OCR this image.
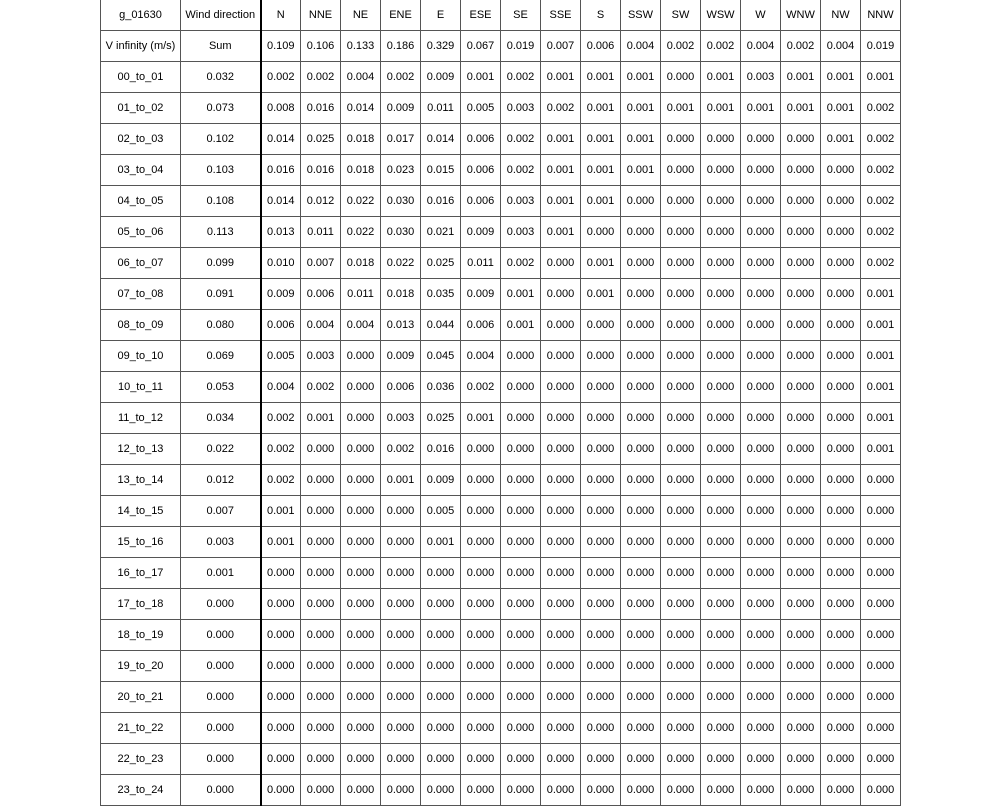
g_01630	Wind direction	N	NNE	NE	ENE	E	ESE	SE	SSE	S	SSW	SW	WSW	W	WNW	NW	NNW
V infinity (m/s)	Sum	0.109	0.106	0.133	0.186	0.329	0.067	0.019	0.007	0.006	0.004	0.002	0.002	0.004	0.002	0.004	0.019
00_to_01	0.032	0.002	0.002	0.004	0.002	0.009	0.001	0.002	0.001	0.001	0.001	0.000	0.001	0.003	0.001	0.001	0.001
01_to_02	0.073	0.008	0.016	0.014	0.009	0.011	0.005	0.003	0.002	0.001	0.001	0.001	0.001	0.001	0.001	0.001	0.002
02_to_03	0.102	0.014	0.025	0.018	0.017	0.014	0.006	0.002	0.001	0.001	0.001	0.000	0.000	0.000	0.000	0.001	0.002
03_to_04	0.103	0.016	0.016	0.018	0.023	0.015	0.006	0.002	0.001	0.001	0.001	0.000	0.000	0.000	0.000	0.000	0.002
04_to_05	0.108	0.014	0.012	0.022	0.030	0.016	0.006	0.003	0.001	0.001	0.000	0.000	0.000	0.000	0.000	0.000	0.002
05_to_06	0.113	0.013	0.011	0.022	0.030	0.021	0.009	0.003	0.001	0.000	0.000	0.000	0.000	0.000	0.000	0.000	0.002
06_to_07	0.099	0.010	0.007	0.018	0.022	0.025	0.011	0.002	0.000	0.001	0.000	0.000	0.000	0.000	0.000	0.000	0.002
07_to_08	0.091	0.009	0.006	0.011	0.018	0.035	0.009	0.001	0.000	0.001	0.000	0.000	0.000	0.000	0.000	0.000	0.001
08_to_09	0.080	0.006	0.004	0.004	0.013	0.044	0.006	0.001	0.000	0.000	0.000	0.000	0.000	0.000	0.000	0.000	0.001
09_to_10	0.069	0.005	0.003	0.000	0.009	0.045	0.004	0.000	0.000	0.000	0.000	0.000	0.000	0.000	0.000	0.000	0.001
10_to_11	0.053	0.004	0.002	0.000	0.006	0.036	0.002	0.000	0.000	0.000	0.000	0.000	0.000	0.000	0.000	0.000	0.001
11_to_12	0.034	0.002	0.001	0.000	0.003	0.025	0.001	0.000	0.000	0.000	0.000	0.000	0.000	0.000	0.000	0.000	0.001
12_to_13	0.022	0.002	0.000	0.000	0.002	0.016	0.000	0.000	0.000	0.000	0.000	0.000	0.000	0.000	0.000	0.000	0.001
13_to_14	0.012	0.002	0.000	0.000	0.001	0.009	0.000	0.000	0.000	0.000	0.000	0.000	0.000	0.000	0.000	0.000	0.000
14_to_15	0.007	0.001	0.000	0.000	0.000	0.005	0.000	0.000	0.000	0.000	0.000	0.000	0.000	0.000	0.000	0.000	0.000
15_to_16	0.003	0.001	0.000	0.000	0.000	0.001	0.000	0.000	0.000	0.000	0.000	0.000	0.000	0.000	0.000	0.000	0.000
16_to_17	0.001	0.000	0.000	0.000	0.000	0.000	0.000	0.000	0.000	0.000	0.000	0.000	0.000	0.000	0.000	0.000	0.000
17_to_18	0.000	0.000	0.000	0.000	0.000	0.000	0.000	0.000	0.000	0.000	0.000	0.000	0.000	0.000	0.000	0.000	0.000
18_to_19	0.000	0.000	0.000	0.000	0.000	0.000	0.000	0.000	0.000	0.000	0.000	0.000	0.000	0.000	0.000	0.000	0.000
19_to_20	0.000	0.000	0.000	0.000	0.000	0.000	0.000	0.000	0.000	0.000	0.000	0.000	0.000	0.000	0.000	0.000	0.000
20_to_21	0.000	0.000	0.000	0.000	0.000	0.000	0.000	0.000	0.000	0.000	0.000	0.000	0.000	0.000	0.000	0.000	0.000
21_to_22	0.000	0.000	0.000	0.000	0.000	0.000	0.000	0.000	0.000	0.000	0.000	0.000	0.000	0.000	0.000	0.000	0.000
22_to_23	0.000	0.000	0.000	0.000	0.000	0.000	0.000	0.000	0.000	0.000	0.000	0.000	0.000	0.000	0.000	0.000	0.000
23_to_24	0.000	0.000	0.000	0.000	0.000	0.000	0.000	0.000	0.000	0.000	0.000	0.000	0.000	0.000	0.000	0.000	0.000
